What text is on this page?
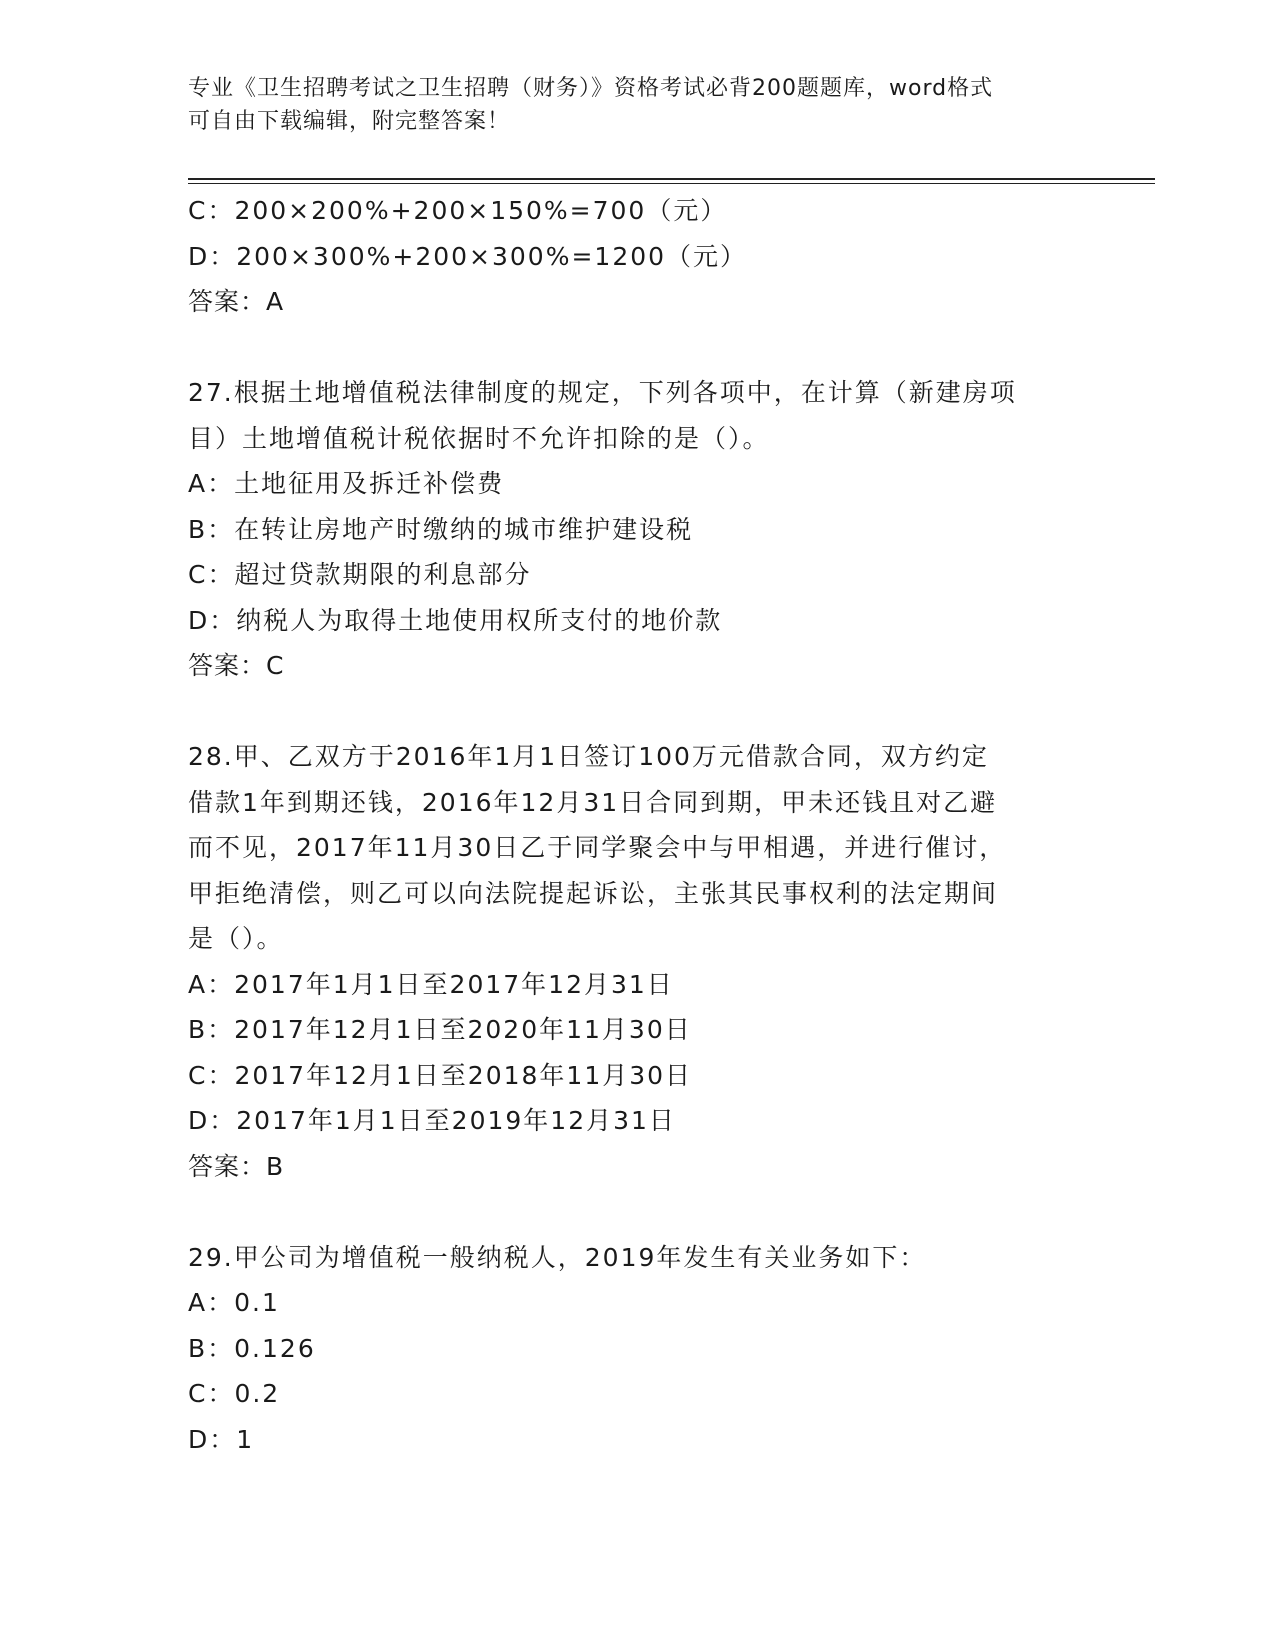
专业《卫生招聘考试之卫生招聘（财务）》资格考试必背200题题库，word格式
可自由下载编辑，附完整答案！
C：200×200%+200×150%=700（元）
D：200×300%+200×300%=1200（元）
答案：A
27.根据土地增值税法律制度的规定，下列各项中，在计算（新建房项
目）土地增值税计税依据时不允许扣除的是（）。
A：土地征用及拆迁补偿费
B：在转让房地产时缴纳的城市维护建设税
C：超过贷款期限的利息部分
D：纳税人为取得土地使用权所支付的地价款
答案：C
28.甲、乙双方于2016年1月1日签订100万元借款合同，双方约定
借款1年到期还钱，2016年12月31日合同到期，甲未还钱且对乙避
而不见，2017年11月30日乙于同学聚会中与甲相遇，并进行催讨，
甲拒绝清偿，则乙可以向法院提起诉讼，主张其民事权利的法定期间
是（）。
A：2017年1月1日至2017年12月31日
B：2017年12月1日至2020年11月30日
C：2017年12月1日至2018年11月30日
D：2017年1月1日至2019年12月31日
答案：B
29.甲公司为增值税一般纳税人，2019年发生有关业务如下：
A：0.1
B：0.126
C：0.2
D：1
